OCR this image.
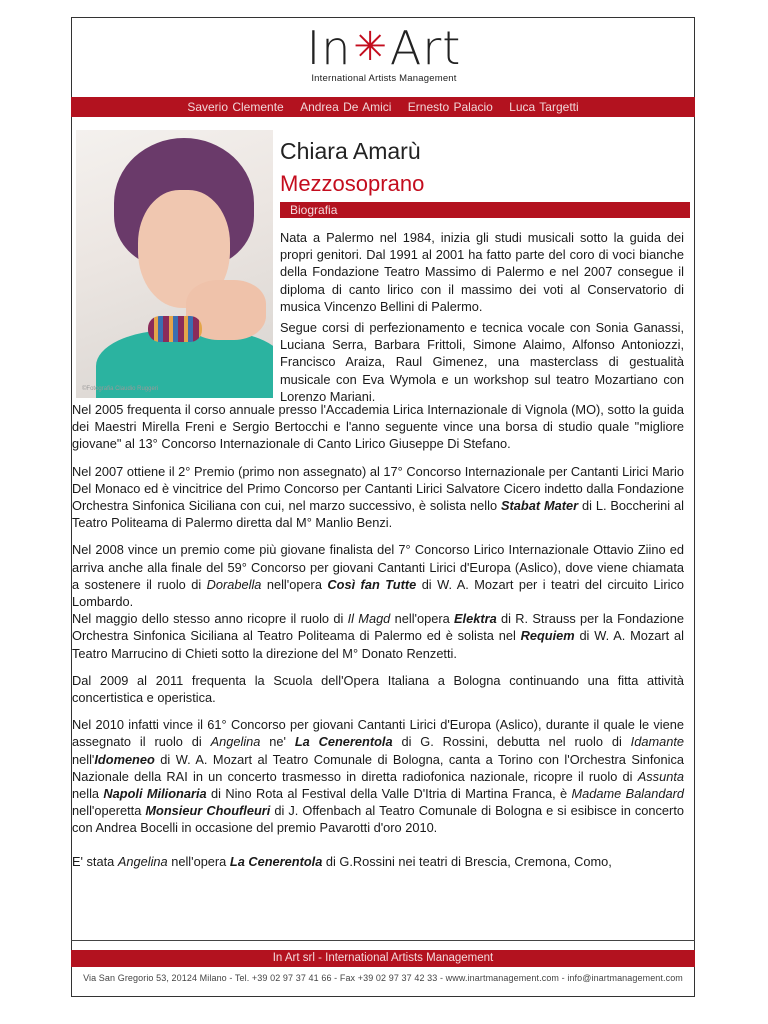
In✳Art
International Artists Management
Saverio Clemente Andrea De Amici Ernesto Palacio Luca Targetti
©Fotografia Claudio Ruggeri
Chiara Amarù
Mezzosoprano
Biografia

Nata a Palermo nel 1984, inizia gli studi musicali sotto la guida dei propri genitori. Dal 1991 al 2001 ha fatto parte del coro di voci bianche della Fondazione Teatro Massimo di Palermo e nel 2007 consegue il diploma di canto lirico con il massimo dei voti al Conservatorio di musica Vincenzo Bellini di Palermo.

Segue corsi di perfezionamento e tecnica vocale con Sonia Ganassi, Luciana Serra, Barbara Frittoli, Simone Alaimo, Alfonso Antoniozzi, Francisco Araiza, Raul Gimenez, una masterclass di gestualità musicale con Eva Wymola e un workshop sul teatro Mozartiano con Lorenzo Mariani.

Nel 2005 frequenta il corso annuale presso l'Accademia Lirica Internazionale di Vignola (MO), sotto la guida dei Maestri Mirella Freni e Sergio Bertocchi e l'anno seguente vince una borsa di studio quale "migliore giovane" al 13° Concorso Internazionale di Canto Lirico Giuseppe Di Stefano.

Nel 2007 ottiene il 2° Premio (primo non assegnato) al 17° Concorso Internazionale per Cantanti Lirici Mario Del Monaco ed è vincitrice del Primo Concorso per Cantanti Lirici Salvatore Cicero indetto dalla Fondazione Orchestra Sinfonica Siciliana con cui, nel marzo successivo, è solista nello Stabat Mater di L. Boccherini al Teatro Politeama di Palermo diretta dal M° Manlio Benzi.

Nel 2008 vince un premio come più giovane finalista del 7° Concorso Lirico Internazionale Ottavio Ziino ed arriva anche alla finale del 59° Concorso per giovani Cantanti Lirici d'Europa (Aslico), dove viene chiamata a sostenere il ruolo di Dorabella nell'opera Così fan Tutte di W. A. Mozart per i teatri del circuito Lirico Lombardo.

Nel maggio dello stesso anno ricopre il ruolo di Il Magd nell'opera Elektra di R. Strauss per la Fondazione Orchestra Sinfonica Siciliana al Teatro Politeama di Palermo ed è solista nel Requiem di W. A. Mozart al Teatro Marrucino di Chieti sotto la direzione del M° Donato Renzetti.

Dal 2009 al 2011 frequenta la Scuola dell'Opera Italiana a Bologna continuando una fitta attività concertistica e operistica.

Nel 2010 infatti vince il 61° Concorso per giovani Cantanti Lirici d'Europa (Aslico), durante il quale le viene assegnato il ruolo di Angelina ne' La Cenerentola di G. Rossini, debutta nel ruolo di Idamante nell'Idomeneo di W. A. Mozart al Teatro Comunale di Bologna, canta a Torino con l'Orchestra Sinfonica Nazionale della RAI in un concerto trasmesso in diretta radiofonica nazionale, ricopre il ruolo di Assunta nella Napoli Milionaria di Nino Rota al Festival della Valle D'Itria di Martina Franca, è Madame Balandard nell'operetta Monsieur Choufleuri di J. Offenbach al Teatro Comunale di Bologna e si esibisce in concerto con Andrea Bocelli in occasione del premio Pavarotti d'oro 2010.

E' stata Angelina nell'opera La Cenerentola di G.Rossini nei teatri di Brescia, Cremona, Como,

In Art srl - International Artists Management
Via San Gregorio 53, 20124 Milano - Tel. +39 02 97 37 41 66 - Fax +39 02 97 37 42 33 - www.inartmanagement.com - info@inartmanagement.com
